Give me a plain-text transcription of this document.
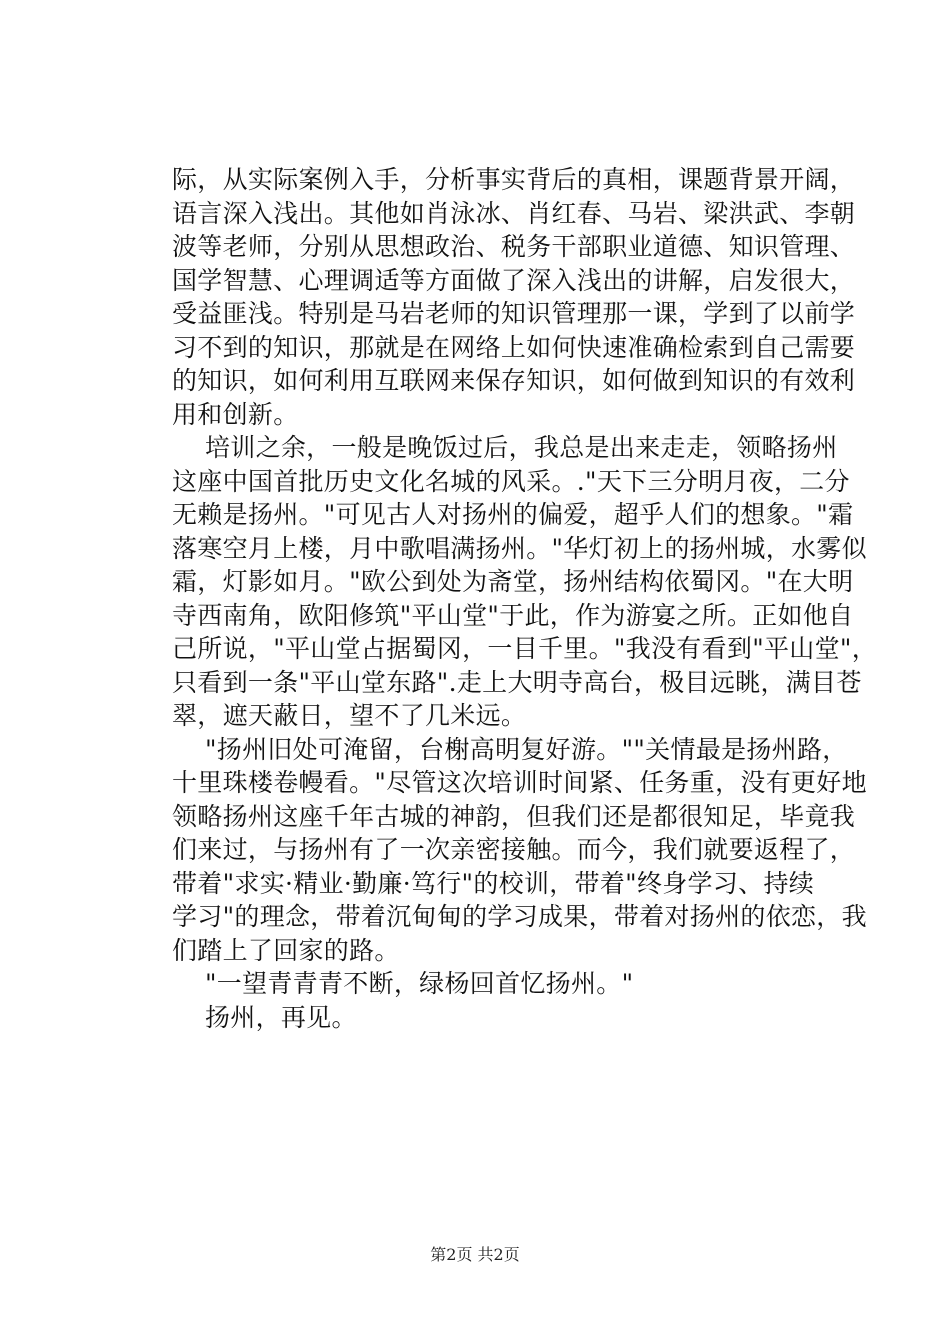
际，从实际案例入手，分析事实背后的真相，课题背景开阔，
语言深入浅出。其他如肖泳冰、肖红春、马岩、梁洪武、李朝
波等老师，分别从思想政治、税务干部职业道德、知识管理、
国学智慧、心理调适等方面做了深入浅出的讲解，启发很大，
受益匪浅。特别是马岩老师的知识管理那一课，学到了以前学
习不到的知识，那就是在网络上如何快速准确检索到自己需要
的知识，如何利用互联网来保存知识，如何做到知识的有效利
用和创新。
培训之余，一般是晚饭过后，我总是出来走走，领略扬州
这座中国首批历史文化名城的风采。."天下三分明月夜，二分
无赖是扬州。"可见古人对扬州的偏爱，超乎人们的想象。"霜
落寒空月上楼，月中歌唱满扬州。"华灯初上的扬州城，水雾似
霜，灯影如月。"欧公到处为斋堂，扬州结构依蜀冈。"在大明
寺西南角，欧阳修筑"平山堂"于此，作为游宴之所。正如他自
己所说，"平山堂占据蜀冈，一目千里。"我没有看到"平山堂"，
只看到一条"平山堂东路".走上大明寺高台，极目远眺，满目苍
翠，遮天蔽日，望不了几米远。
"扬州旧处可淹留，台榭高明复好游。""关情最是扬州路，
十里珠楼卷幔看。"尽管这次培训时间紧、任务重，没有更好地
领略扬州这座千年古城的神韵，但我们还是都很知足，毕竟我
们来过，与扬州有了一次亲密接触。而今，我们就要返程了，
带着"求实·精业·勤廉·笃行"的校训，带着"终身学习、持续
学习"的理念，带着沉甸甸的学习成果，带着对扬州的依恋，我
们踏上了回家的路。
"一望青青青不断，绿杨回首忆扬州。"
扬州，再见。
第2页 共2页
